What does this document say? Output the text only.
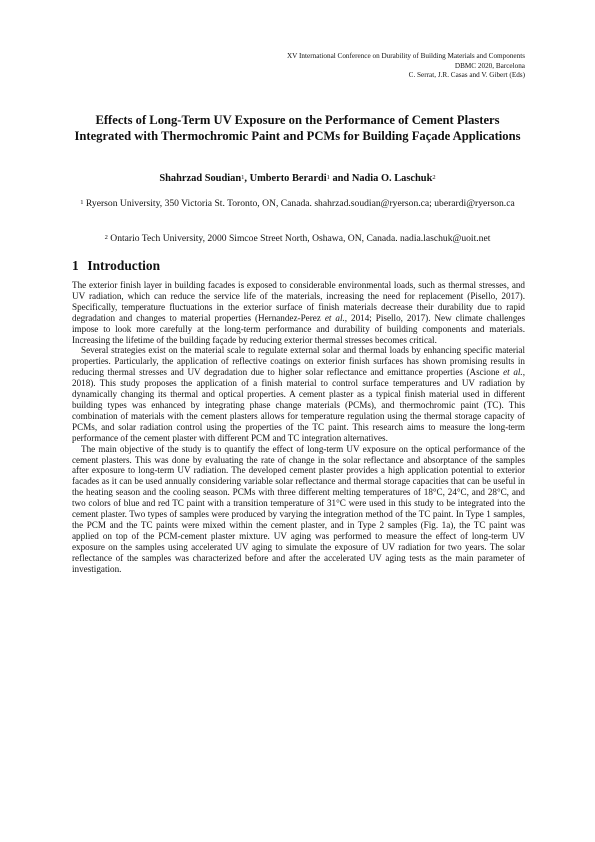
XV International Conference on Durability of Building Materials and Components
DBMC 2020, Barcelona
C. Serrat, J.R. Casas and V. Gibert (Eds)
Effects of Long-Term UV Exposure on the Performance of Cement Plasters Integrated with Thermochromic Paint and PCMs for Building Façade Applications
Shahrzad Soudian$^1$, Umberto Berardi$^1$ and Nadia O. Laschuk$^2$
$^1$ Ryerson University, 350 Victoria St. Toronto, ON, Canada. shahrzad.soudian@ryerson.ca; uberardi@ryerson.ca
$^2$ Ontario Tech University, 2000 Simcoe Street North, Oshawa, ON, Canada. nadia.laschuk@uoit.net
1 Introduction

The exterior finish layer in building facades is exposed to considerable environmental loads, such as thermal stresses, and UV radiation, which can reduce the service life of the materials, increasing the need for replacement (Pisello, 2017). Specifically, temperature fluctuations in the exterior surface of finish materials decrease their durability due to rapid degradation and changes to material properties (Hernandez-Perez et al., 2014; Pisello, 2017). New climate challenges impose to look more carefully at the long-term performance and durability of building components and materials. Increasing the lifetime of the building façade by reducing exterior thermal stresses becomes critical.

Several strategies exist on the material scale to regulate external solar and thermal loads by enhancing specific material properties. Particularly, the application of reflective coatings on exterior finish surfaces has shown promising results in reducing thermal stresses and UV degradation due to higher solar reflectance and emittance properties (Ascione et al., 2018). This study proposes the application of a finish material to control surface temperatures and UV radiation by dynamically changing its thermal and optical properties. A cement plaster as a typical finish material used in different building types was enhanced by integrating phase change materials (PCMs), and thermochromic paint (TC). This combination of materials with the cement plasters allows for temperature regulation using the thermal storage capacity of PCMs, and solar radiation control using the properties of the TC paint. This research aims to measure the long-term performance of the cement plaster with different PCM and TC integration alternatives.

The main objective of the study is to quantify the effect of long-term UV exposure on the optical performance of the cement plasters. This was done by evaluating the rate of change in the solar reflectance and absorptance of the samples after exposure to long-term UV radiation. The developed cement plaster provides a high application potential to exterior facades as it can be used annually considering variable solar reflectance and thermal storage capacities that can be useful in the heating season and the cooling season. PCMs with three different melting temperatures of 18°C, 24°C, and 28°C, and two colors of blue and red TC paint with a transition temperature of 31°C were used in this study to be integrated into the cement plaster. Two types of samples were produced by varying the integration method of the TC paint. In Type 1 samples, the PCM and the TC paints were mixed within the cement plaster, and in Type 2 samples (Fig. 1a), the TC paint was applied on top of the PCM-cement plaster mixture. UV aging was performed to measure the effect of long-term UV exposure on the samples using accelerated UV aging to simulate the exposure of UV radiation for two years. The solar reflectance of the samples was characterized before and after the accelerated UV aging tests as the main parameter of investigation.
